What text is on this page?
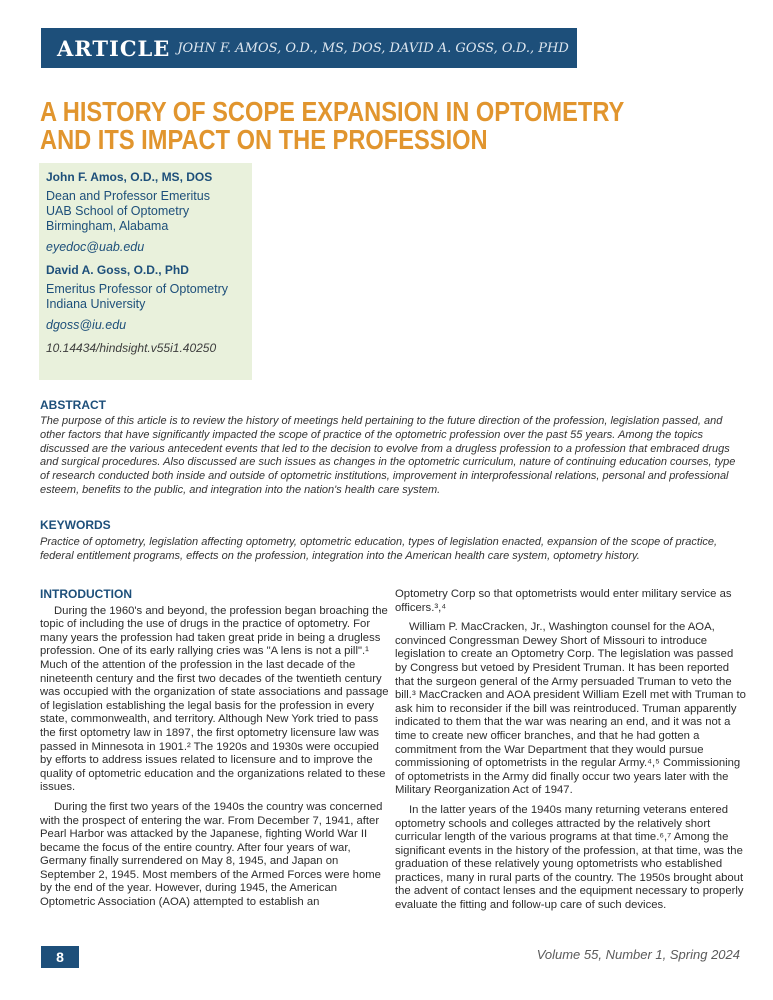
ARTICLE JOHN F. AMOS, O.D., MS, DOS, DAVID A. GOSS, O.D., PHD
A HISTORY OF SCOPE EXPANSION IN OPTOMETRY AND ITS IMPACT ON THE PROFESSION
John F. Amos, O.D., MS, DOS
Dean and Professor Emeritus
UAB School of Optometry
Birmingham, Alabama
eyedoc@uab.edu
David A. Goss, O.D., PhD
Emeritus Professor of Optometry
Indiana University
dgoss@iu.edu
10.14434/hindsight.v55i1.40250
ABSTRACT

The purpose of this article is to review the history of meetings held pertaining to the future direction of the profession, legislation passed, and other factors that have significantly impacted the scope of practice of the optometric profession over the past 55 years. Among the topics discussed are the various antecedent events that led to the decision to evolve from a drugless profession to a profession that embraced drugs and surgical procedures. Also discussed are such issues as changes in the optometric curriculum, nature of continuing education courses, type of research conducted both inside and outside of optometric institutions, improvement in interprofessional relations, personal and professional esteem, benefits to the public, and integration into the nation's health care system.

KEYWORDS

Practice of optometry, legislation affecting optometry, optometric education, types of legislation enacted, expansion of the scope of practice, federal entitlement programs, effects on the profession, integration into the American health care system, optometry history.

INTRODUCTION

During the 1960's and beyond, the profession began broaching the topic of including the use of drugs in the practice of optometry. For many years the profession had taken great pride in being a drugless profession. One of its early rallying cries was "A lens is not a pill".¹ Much of the attention of the profession in the last decade of the nineteenth century and the first two decades of the twentieth century was occupied with the organization of state associations and passage of legislation establishing the legal basis for the profession in every state, commonwealth, and territory. Although New York tried to pass the first optometry law in 1897, the first optometry licensure law was passed in Minnesota in 1901.² The 1920s and 1930s were occupied by efforts to address issues related to licensure and to improve the quality of optometric education and the organizations related to these issues.

During the first two years of the 1940s the country was concerned with the prospect of entering the war. From December 7, 1941, after Pearl Harbor was attacked by the Japanese, fighting World War II became the focus of the entire country. After four years of war, Germany finally surrendered on May 8, 1945, and Japan on September 2, 1945. Most members of the Armed Forces were home by the end of the year. However, during 1945, the American Optometric Association (AOA) attempted to establish an

Optometry Corp so that optometrists would enter military service as officers.³,⁴

William P. MacCracken, Jr., Washington counsel for the AOA, convinced Congressman Dewey Short of Missouri to introduce legislation to create an Optometry Corp. The legislation was passed by Congress but vetoed by President Truman. It has been reported that the surgeon general of the Army persuaded Truman to veto the bill.³ MacCracken and AOA president William Ezell met with Truman to ask him to reconsider if the bill was reintroduced. Truman apparently indicated to them that the war was nearing an end, and it was not a time to create new officer branches, and that he had gotten a commitment from the War Department that they would pursue commissioning of optometrists in the regular Army.⁴,⁵ Commissioning of optometrists in the Army did finally occur two years later with the Military Reorganization Act of 1947.

In the latter years of the 1940s many returning veterans entered optometry schools and colleges attracted by the relatively short curricular length of the various programs at that time.⁶,⁷ Among the significant events in the history of the profession, at that time, was the graduation of these relatively young optometrists who established practices, many in rural parts of the country. The 1950s brought about the advent of contact lenses and the equipment necessary to properly evaluate the fitting and follow-up care of such devices.

8	Volume 55, Number 1, Spring 2024
